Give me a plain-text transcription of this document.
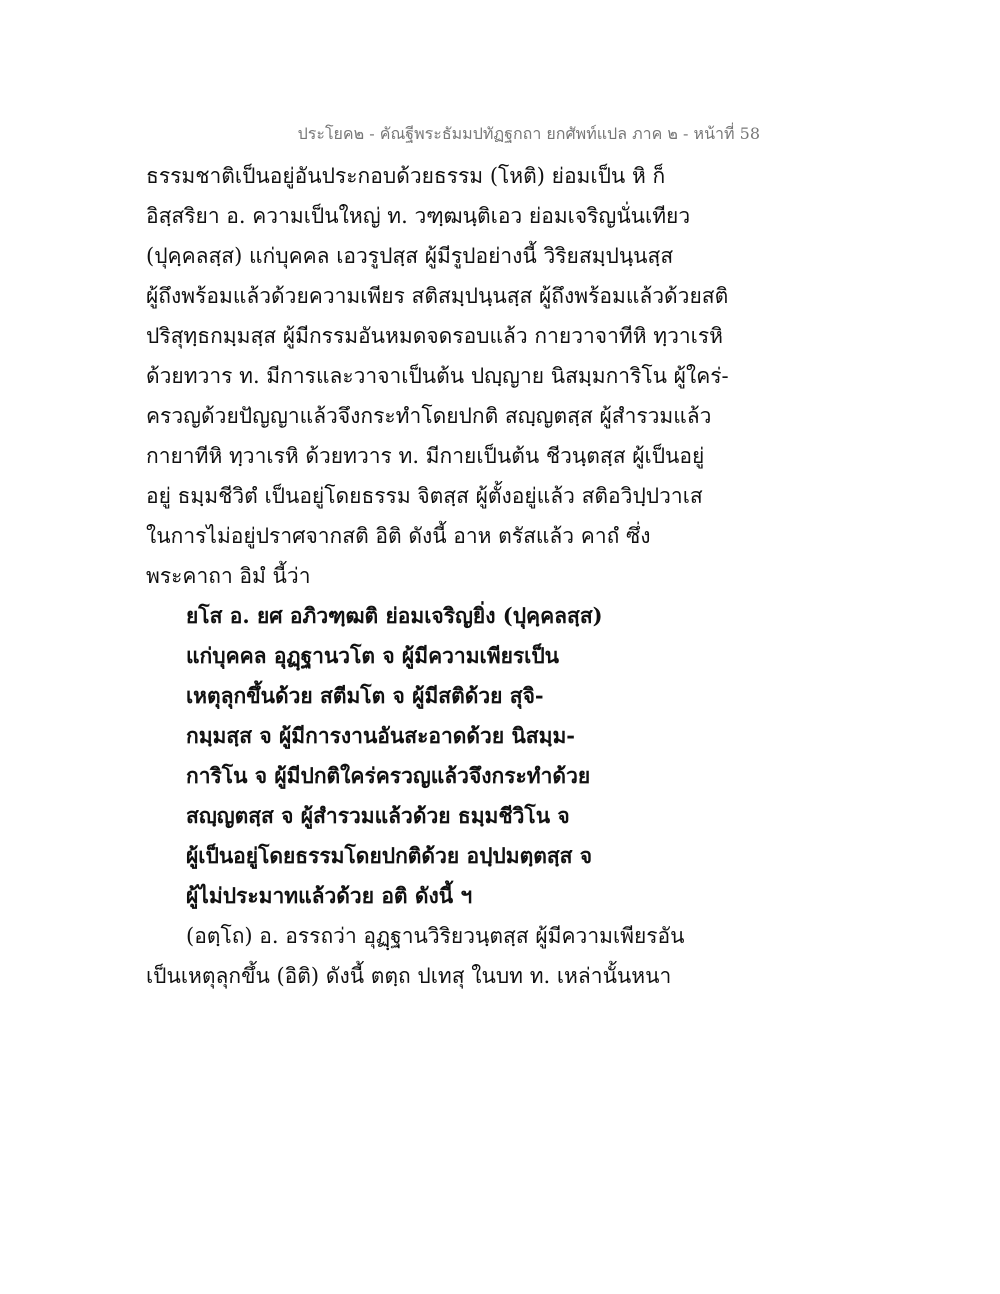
ประโยค๒ - คัณฐีพระธัมมปทัฏฐกถา ยกศัพท์แปล ภาค ๒ - หน้าที่ 58
ธรรมชาติเป็นอยู่อันประกอบด้วยธรรม (โหติ) ย่อมเป็น หิ ก็
อิสฺสริยา อ. ความเป็นใหญ่ ท. วฑฺฒนฺติเอว ย่อมเจริญนั่นเทียว
(ปุคฺคลสฺส) แก่บุคคล เอวรูปสฺส ผู้มีรูปอย่างนี้ วิริยสมฺปนฺนสฺส
ผู้ถึงพร้อมแล้วด้วยความเพียร สติสมฺปนฺนสฺส ผู้ถึงพร้อมแล้วด้วยสติ
ปริสุทฺธกมฺมสฺส ผู้มีกรรมอันหมดจดรอบแล้ว กายวาจาทีหิ ทฺวาเรหิ
ด้วยทวาร ท. มีการและวาจาเป็นต้น ปญฺญาย นิสมฺมการิโน ผู้ใคร่-
ครวญด้วยปัญญาแล้วจึงกระทำโดยปกติ สญฺญตสฺส ผู้สำรวมแล้ว
กายาทีหิ ทฺวาเรหิ ด้วยทวาร ท. มีกายเป็นต้น ชีวนฺตสฺส ผู้เป็นอยู่
อยู่ ธมฺมชีวิตํ เป็นอยู่โดยธรรม จิตสฺส ผู้ตั้งอยู่แล้ว สติอวิปฺปวาเส
ในการไม่อยู่ปราศจากสติ อิติ ดังนี้ อาห ตรัสแล้ว คาถํ ซึ่ง
พระคาถา อิมํ นี้ว่า
ยโส อ. ยศ อภิวฑฺฒติ ย่อมเจริญยิ่ง (ปุคฺคลสฺส)
แก่บุคคล อุฏฺฐานวโต จ ผู้มีความเพียรเป็น
เหตุลุกขึ้นด้วย สตีมโต จ ผู้มีสติด้วย สุจิ-
กมฺมสฺส จ ผู้มีการงานอันสะอาดด้วย นิสมฺม-
การิโน จ ผู้มีปกติใคร่ครวญแล้วจึงกระทำด้วย
สญฺญตสฺส จ ผู้สำรวมแล้วด้วย ธมฺมชีวิโน จ
ผู้เป็นอยู่โดยธรรมโดยปกติด้วย อปฺปมตฺตสฺส จ
ผู้ไม่ประมาทแล้วด้วย อติ ดังนี้ ฯ
(อตฺโถ) อ. อรรถว่า อุฏฺฐานวิริยวนฺตสฺส ผู้มีความเพียรอัน
เป็นเหตุลุกขึ้น (อิติ) ดังนี้ ตตฺถ ปเทสุ ในบท ท. เหล่านั้นหนา
